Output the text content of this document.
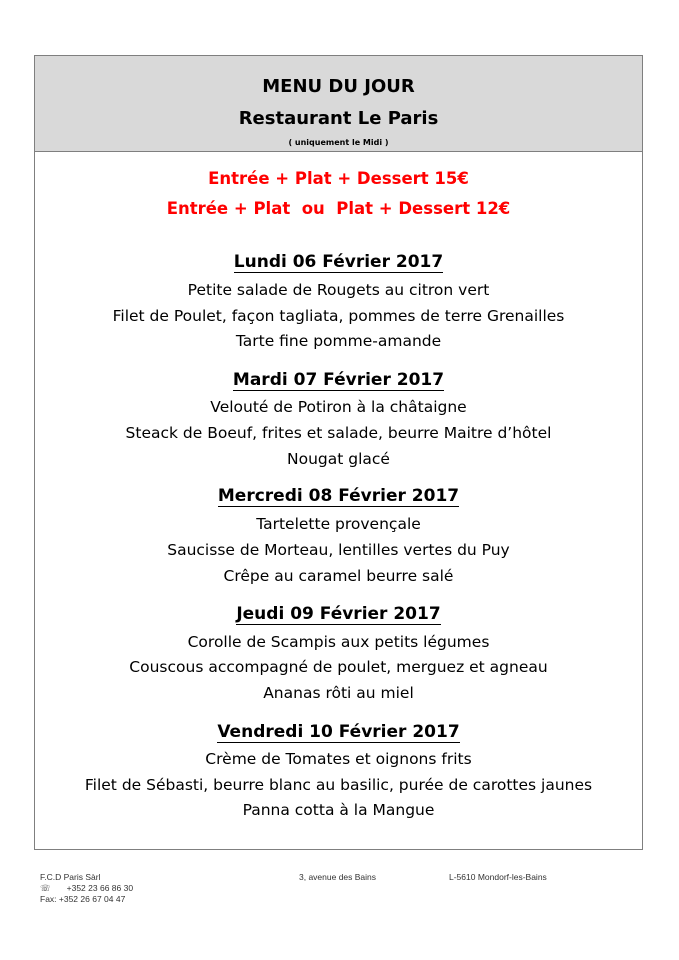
MENU DU JOUR
Restaurant Le Paris
( uniquement le Midi )
Entrée + Plat + Dessert 15€
Entrée + Plat  ou  Plat + Dessert 12€
Lundi 06 Février 2017
Petite salade de Rougets au citron vert
Filet de Poulet, façon tagliata, pommes de terre Grenailles
Tarte fine pomme-amande
Mardi 07 Février 2017
Velouté de Potiron à la châtaigne
Steack de Boeuf, frites et salade, beurre Maitre d’hôtel
Nougat glacé
Mercredi 08 Février 2017
Tartelette provençale
Saucisse de Morteau, lentilles vertes du Puy
Crêpe au caramel beurre salé
Jeudi 09 Février 2017
Corolle de Scampis aux petits légumes
Couscous accompagné de poulet, merguez et agneau
Ananas rôti au miel
Vendredi 10 Février 2017
Crème de Tomates et oignons frits
Filet de Sébasti, beurre blanc au basilic, purée de carottes jaunes
Panna cotta à la Mangue
F.C.D Paris Sàrl
☏ +352 23 66 86 30
Fax: +352 26 67 04 47
3, avenue des Bains	L-5610 Mondorf-les-Bains
